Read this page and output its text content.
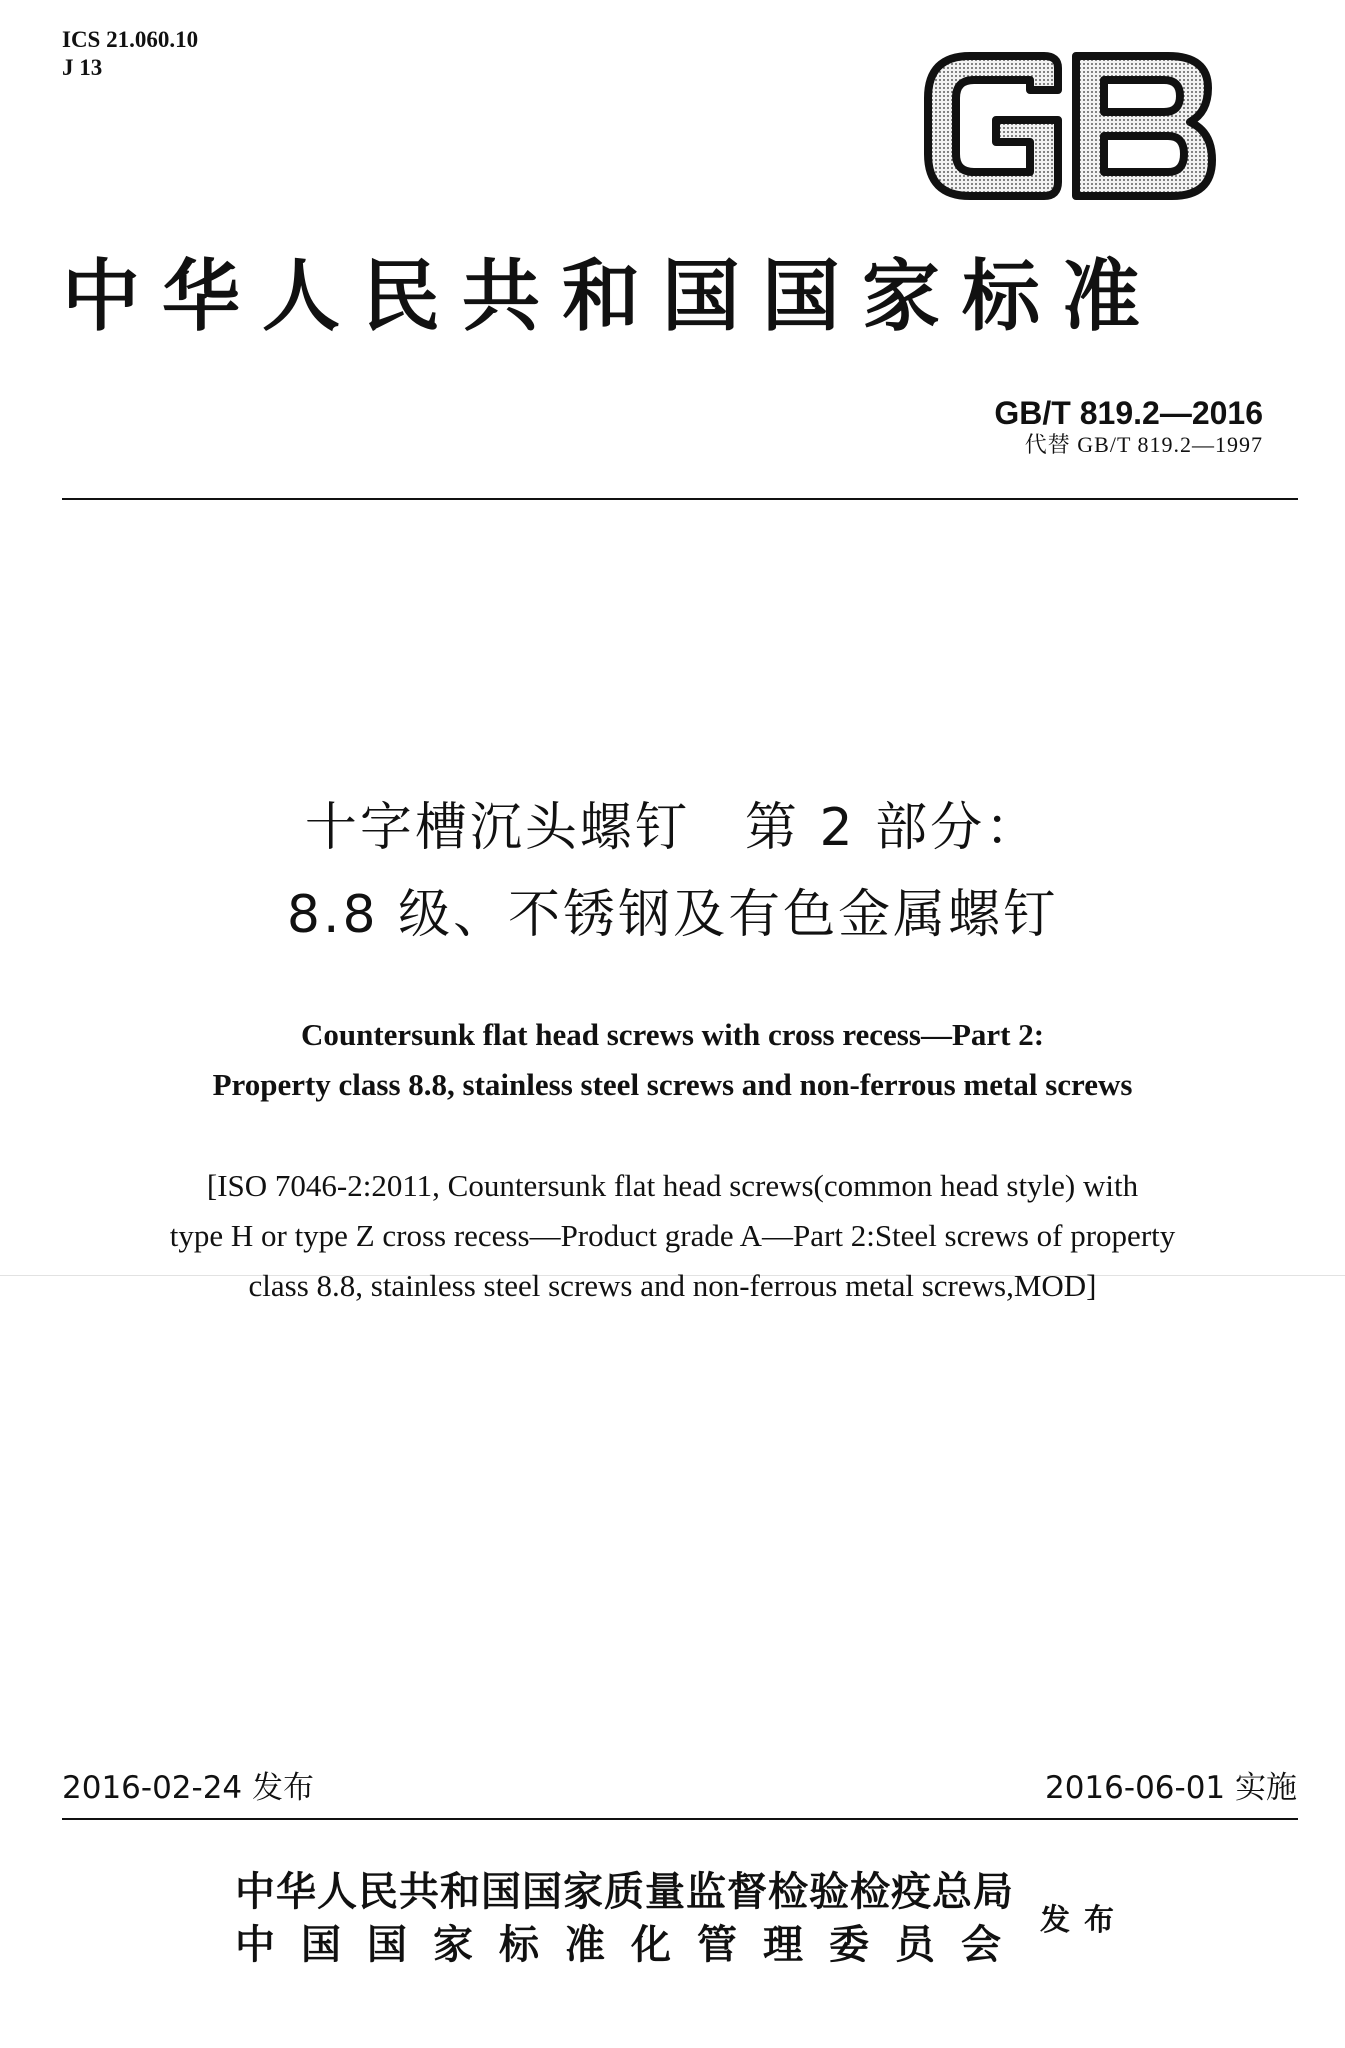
ICS 21.060.10
J 13
中华人民共和国国家标准
GB/T 819.2—2016
代替 GB/T 819.2—1997
十字槽沉头螺钉　第 2 部分：
8.8 级、不锈钢及有色金属螺钉
Countersunk flat head screws with cross recess—Part 2:
Property class 8.8, stainless steel screws and non-ferrous metal screws
[ISO 7046-2:2011, Countersunk flat head screws(common head style) with
type H or type Z cross recess—Product grade A—Part 2:Steel screws of property
class 8.8, stainless steel screws and non-ferrous metal screws,MOD]
2016-02-24 发布	2016-06-01 实施
中华人民共和国国家质量监督检验检疫总局
中国国家标准化管理委员会
发布
